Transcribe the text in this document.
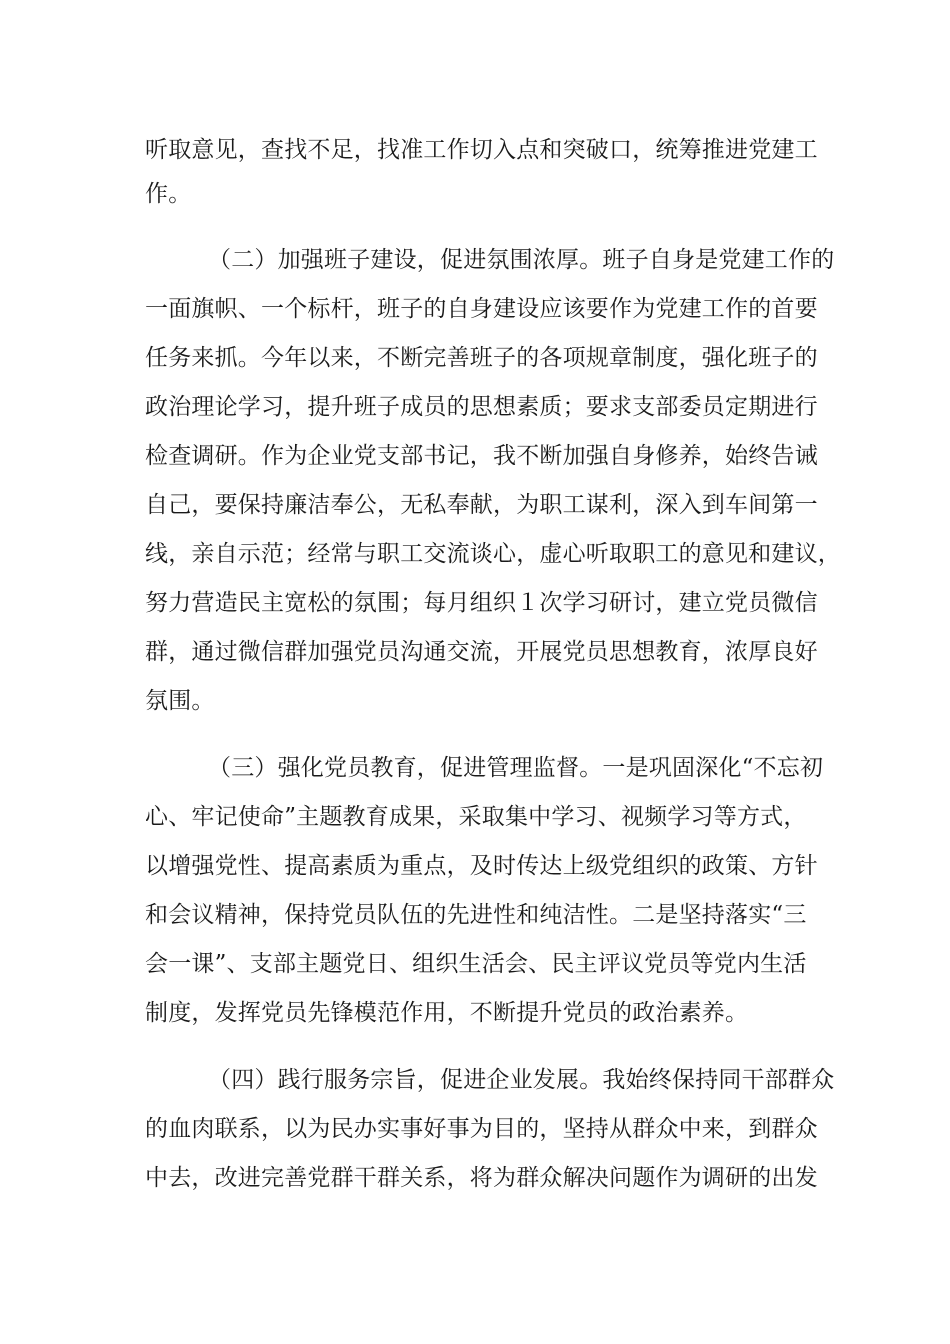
听取意见，查找不足，找准工作切入点和突破口，统筹推进党建工
作。
（二）加强班子建设，促进氛围浓厚。班子自身是党建工作的
一面旗帜、一个标杆，班子的自身建设应该要作为党建工作的首要
任务来抓。今年以来，不断完善班子的各项规章制度，强化班子的
政治理论学习，提升班子成员的思想素质；要求支部委员定期进行
检查调研。作为企业党支部书记，我不断加强自身修养，始终告诫
自己，要保持廉洁奉公，无私奉献，为职工谋利，深入到车间第一
线，亲自示范；经常与职工交流谈心，虚心听取职工的意见和建议，
努力营造民主宽松的氛围；每月组织１次学习研讨，建立党员微信
群，通过微信群加强党员沟通交流，开展党员思想教育，浓厚良好
氛围。
（三）强化党员教育，促进管理监督。一是巩固深化“不忘初
心、牢记使命”主题教育成果，采取集中学习、视频学习等方式，
以增强党性、提高素质为重点，及时传达上级党组织的政策、方针
和会议精神，保持党员队伍的先进性和纯洁性。二是坚持落实“三
会一课”、支部主题党日、组织生活会、民主评议党员等党内生活
制度，发挥党员先锋模范作用，不断提升党员的政治素养。
（四）践行服务宗旨，促进企业发展。我始终保持同干部群众
的血肉联系，以为民办实事好事为目的，坚持从群众中来，到群众
中去，改进完善党群干群关系，将为群众解决问题作为调研的出发
